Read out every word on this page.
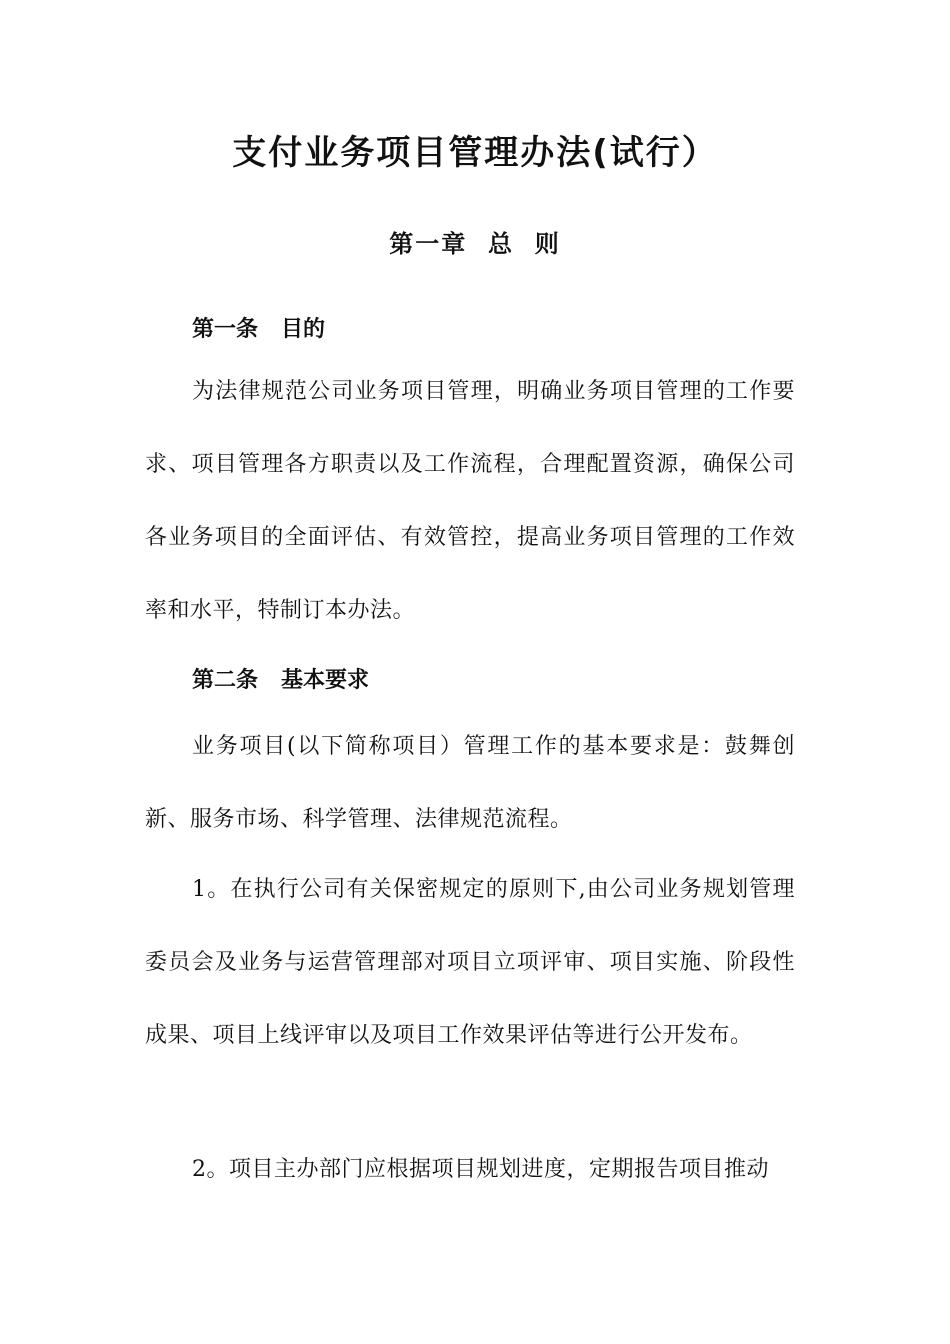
支付业务项目管理办法(试行）
第一章  总  则
第一条   目的

为法律规范公司业务项目管理，明确业务项目管理的工作要求、项目管理各方职责以及工作流程，合理配置资源，确保公司各业务项目的全面评估、有效管控，提高业务项目管理的工作效率和水平，特制订本办法。

第二条   基本要求

业务项目(以下简称项目）管理工作的基本要求是：鼓舞创新、服务市场、科学管理、法律规范流程。

1。在执行公司有关保密规定的原则下,由公司业务规划管理委员会及业务与运营管理部对项目立项评审、项目实施、阶段性成果、项目上线评审以及项目工作效果评估等进行公开发布。

2。项目主办部门应根据项目规划进度，定期报告项目推动
